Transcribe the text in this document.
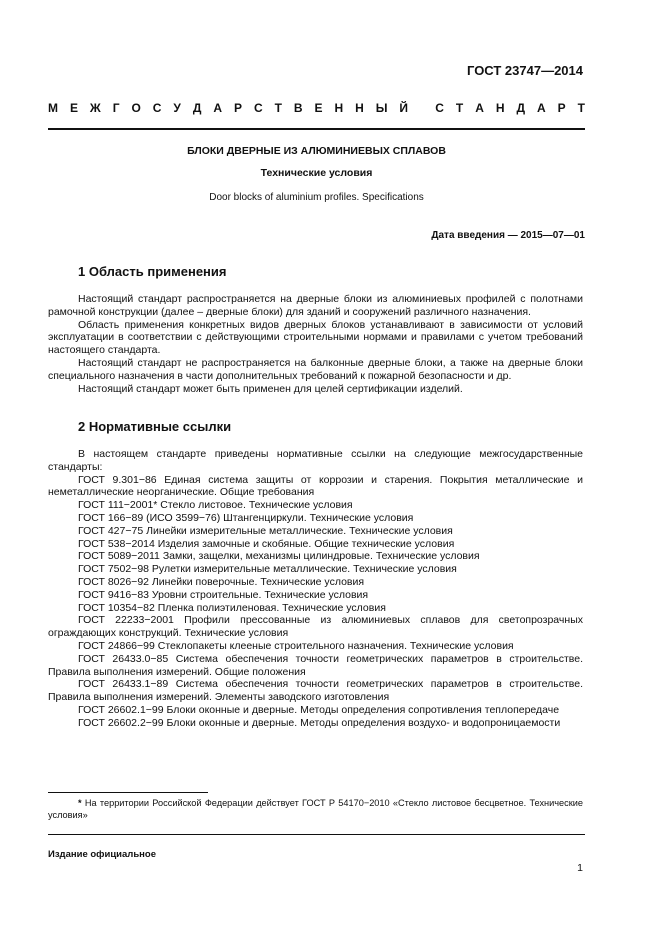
ГОСТ 23747—2014
М Е Ж Г О С У Д А Р С Т В Е Н Н Ы Й
С Т А Н Д А Р Т
БЛОКИ ДВЕРНЫЕ ИЗ АЛЮМИНИЕВЫХ СПЛАВОВ
Технические условия
Door blocks of aluminium profiles. Specifications
Дата введения — 2015—07—01
1 Область применения

Настоящий стандарт распространяется на дверные блоки из алюминиевых профилей с полотнами рамочной конструкции (далее – дверные блоки) для зданий и сооружений различного назначения.

Область применения конкретных видов дверных блоков устанавливают в зависимости от условий эксплуатации в соответствии с действующими строительными нормами и правилами с учетом требований настоящего стандарта.

Настоящий стандарт не распространяется на балконные дверные блоки, а также на дверные блоки специального назначения в части дополнительных требований к пожарной безопасности и др.

Настоящий стандарт может быть применен для целей сертификации изделий.

2 Нормативные ссылки

В настоящем стандарте приведены нормативные ссылки на следующие межгосударственные стандарты:

ГОСТ 9.301−86 Единая система защиты от коррозии и старения. Покрытия металлические и неметаллические неорганические. Общие требования

ГОСТ 111−2001* Стекло листовое. Технические условия

ГОСТ 166−89 (ИСО 3599−76) Штангенциркули. Технические условия

ГОСТ 427−75 Линейки измерительные металлические. Технические условия

ГОСТ 538−2014 Изделия замочные и скобяные. Общие технические условия

ГОСТ 5089−2011 Замки, защелки, механизмы цилиндровые. Технические условия

ГОСТ 7502−98 Рулетки измерительные металлические. Технические условия

ГОСТ 8026−92 Линейки поверочные. Технические условия

ГОСТ 9416−83 Уровни строительные. Технические условия

ГОСТ 10354−82 Пленка полиэтиленовая. Технические условия

ГОСТ 22233−2001 Профили прессованные из алюминиевых сплавов для светопрозрачных ограждающих конструкций. Технические условия

ГОСТ 24866−99 Стеклопакеты клееные строительного назначения. Технические условия

ГОСТ 26433.0−85 Система обеспечения точности геометрических параметров в строительстве. Правила выполнения измерений. Общие положения

ГОСТ 26433.1−89 Система обеспечения точности геометрических параметров в строительстве. Правила выполнения измерений. Элементы заводского изготовления

ГОСТ 26602.1−99 Блоки оконные и дверные. Методы определения сопротивления теплопередаче

ГОСТ 26602.2−99 Блоки оконные и дверные. Методы определения воздухо- и водопроницаемости

* На территории Российской Федерации действует ГОСТ Р 54170−2010 «Стекло листовое бесцветное. Технические условия»
Издание официальное
1
